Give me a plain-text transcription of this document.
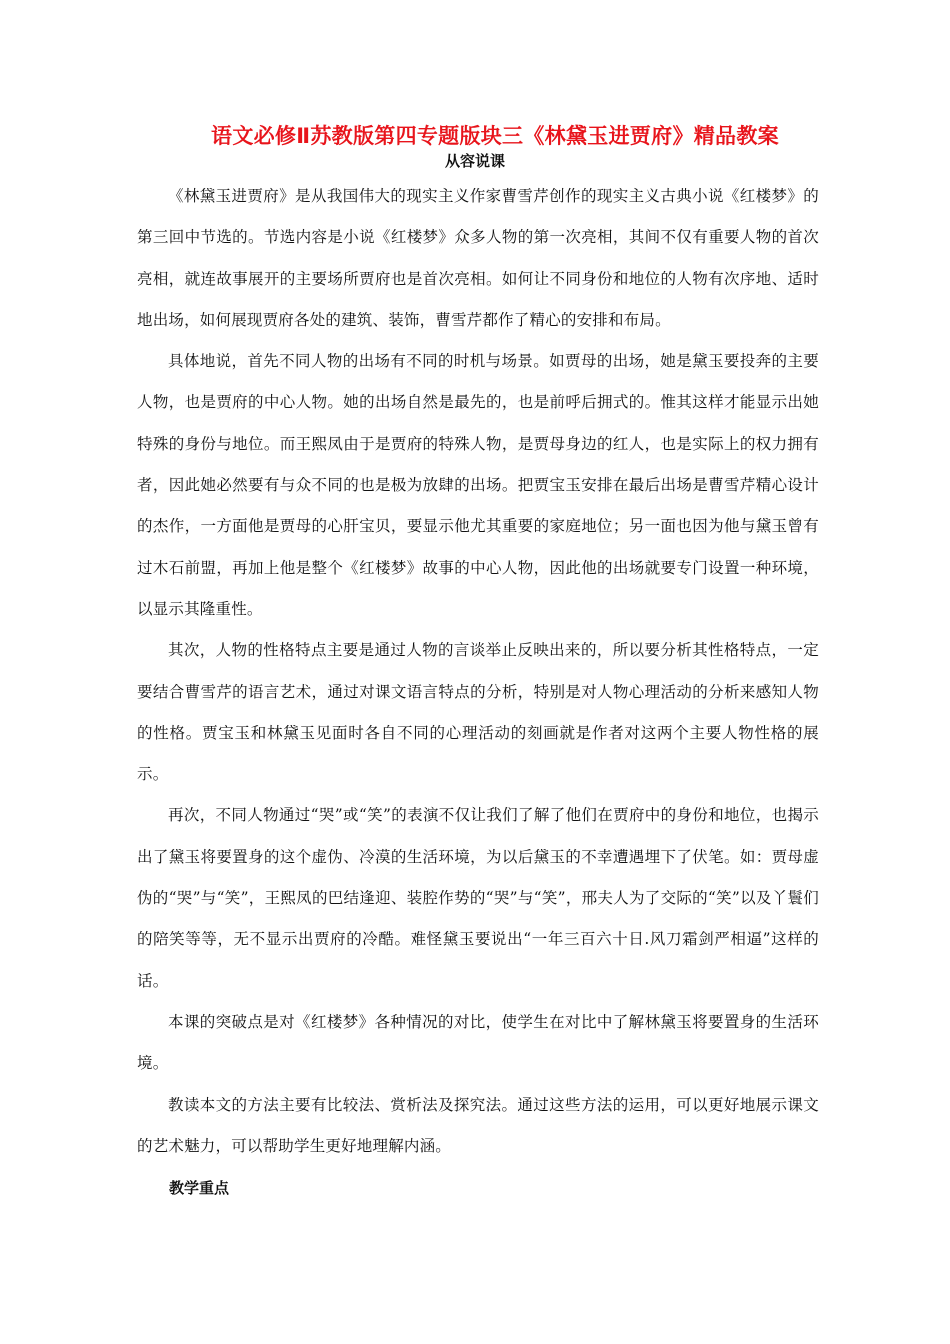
语文必修Ⅱ苏教版第四专题版块三《林黛玉进贾府》精品教案
从容说课

《林黛玉进贾府》是从我国伟大的现实主义作家曹雪芹创作的现实主义古典小说《红楼梦》的第三回中节选的。节选内容是小说《红楼梦》众多人物的第一次亮相，其间不仅有重要人物的首次亮相，就连故事展开的主要场所贾府也是首次亮相。如何让不同身份和地位的人物有次序地、适时地出场，如何展现贾府各处的建筑、装饰，曹雪芹都作了精心的安排和布局。

具体地说，首先不同人物的出场有不同的时机与场景。如贾母的出场，她是黛玉要投奔的主要人物，也是贾府的中心人物。她的出场自然是最先的，也是前呼后拥式的。惟其这样才能显示出她特殊的身份与地位。而王熙凤由于是贾府的特殊人物，是贾母身边的红人，也是实际上的权力拥有者，因此她必然要有与众不同的也是极为放肆的出场。把贾宝玉安排在最后出场是曹雪芹精心设计的杰作，一方面他是贾母的心肝宝贝，要显示他尤其重要的家庭地位；另一面也因为他与黛玉曾有过木石前盟，再加上他是整个《红楼梦》故事的中心人物，因此他的出场就要专门设置一种环境，以显示其隆重性。

其次，人物的性格特点主要是通过人物的言谈举止反映出来的，所以要分析其性格特点，一定要结合曹雪芹的语言艺术，通过对课文语言特点的分析，特别是对人物心理活动的分析来感知人物的性格。贾宝玉和林黛玉见面时各自不同的心理活动的刻画就是作者对这两个主要人物性格的展示。

再次，不同人物通过“哭”或“笑”的表演不仅让我们了解了他们在贾府中的身份和地位，也揭示出了黛玉将要置身的这个虚伪、冷漠的生活环境，为以后黛玉的不幸遭遇埋下了伏笔。如：贾母虚伪的“哭”与“笑”，王熙凤的巴结逢迎、装腔作势的“哭”与“笑”，邢夫人为了交际的“笑”以及丫鬟们的陪笑等等，无不显示出贾府的冷酷。难怪黛玉要说出“一年三百六十日.风刀霜剑严相逼”这样的话。

本课的突破点是对《红楼梦》各种情况的对比，使学生在对比中了解林黛玉将要置身的生活环境。

教读本文的方法主要有比较法、赏析法及探究法。通过这些方法的运用，可以更好地展示课文的艺术魅力，可以帮助学生更好地理解内涵。

教学重点
